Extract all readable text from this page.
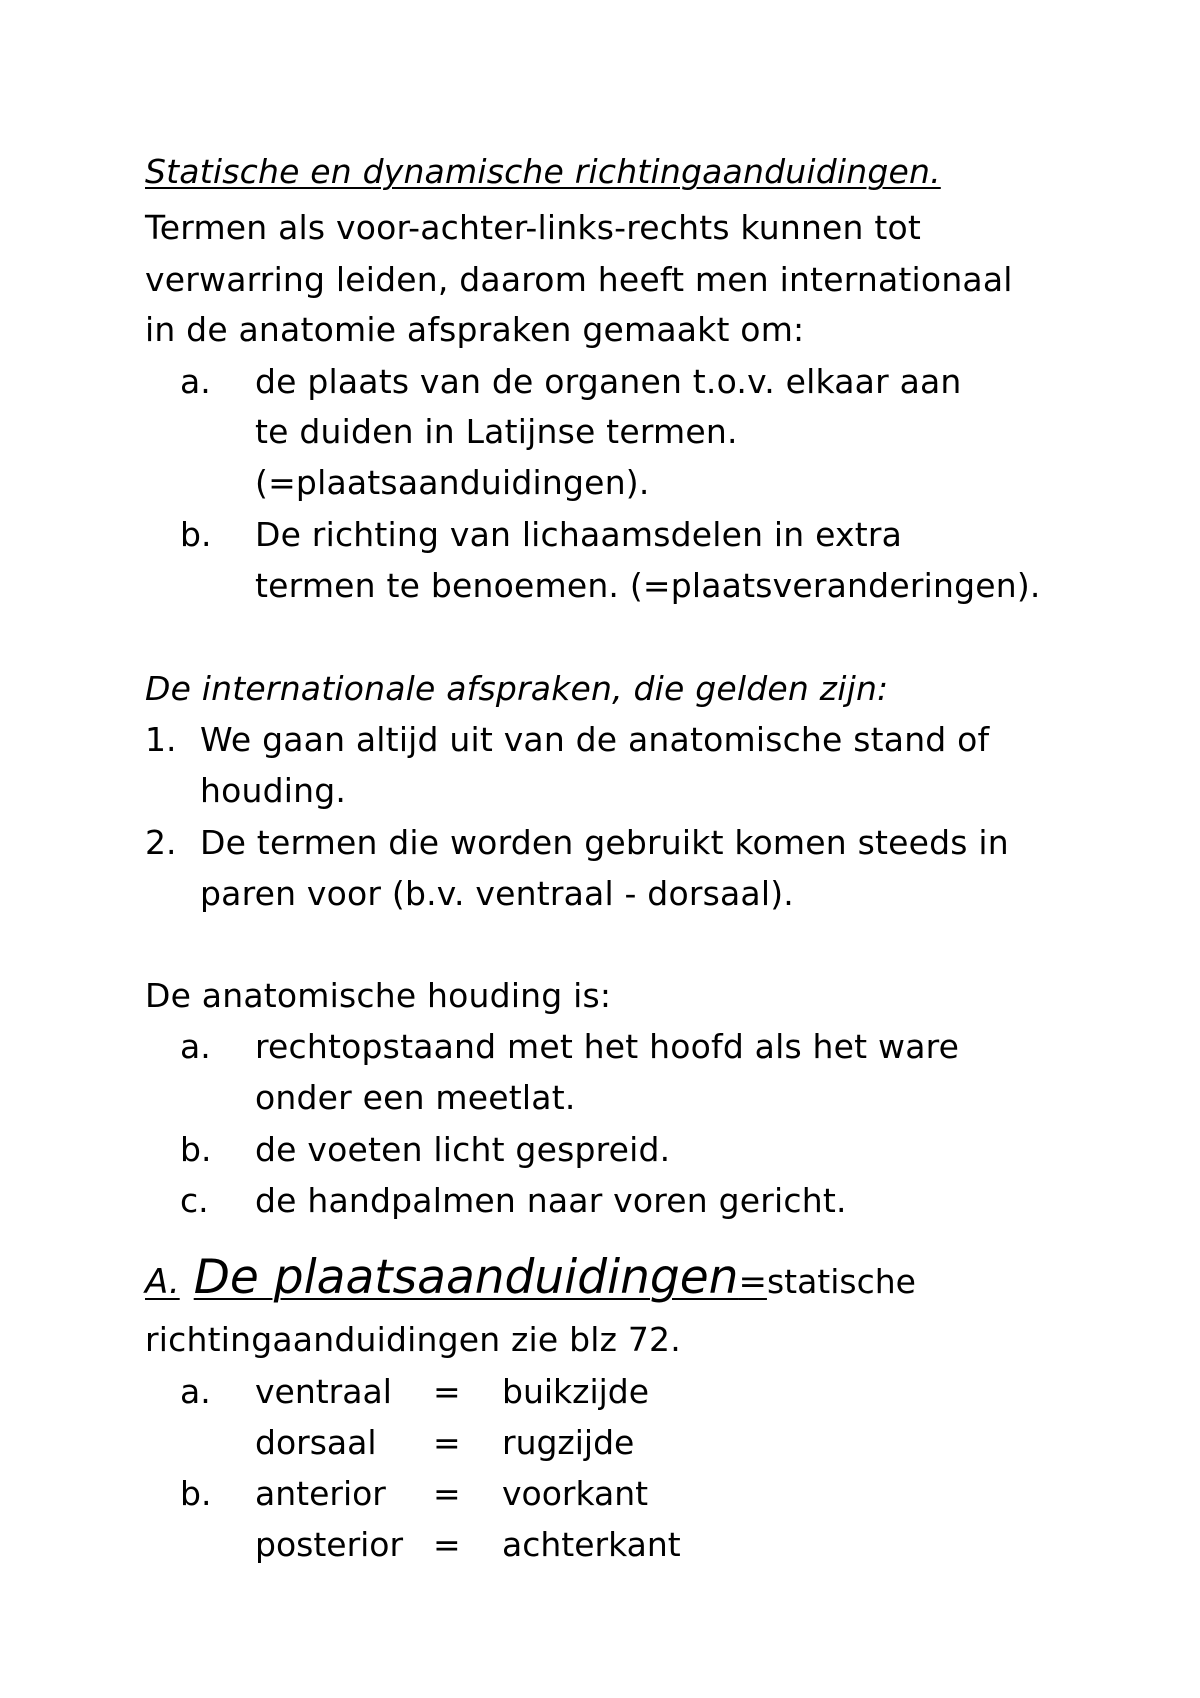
Statische en dynamische richtingaanduidingen.
Termen als voor-achter-links-rechts kunnen tot
verwarring leiden, daarom heeft men internationaal
in de anatomie afspraken gemaakt om:
a. de plaats van de organen t.o.v. elkaar aan
te duiden in Latijnse termen.
(=plaatsaanduidingen).
b. De richting van lichaamsdelen in extra
termen te benoemen. (=plaatsveranderingen).
De internationale afspraken, die gelden zijn:
1. We gaan altijd uit van de anatomische stand of
houding.
2. De termen die worden gebruikt komen steeds in
paren voor (b.v. ventraal - dorsaal).
De anatomische houding is:
a. rechtopstaand met het hoofd als het ware
onder een meetlat.
b. de voeten licht gespreid.
c. de handpalmen naar voren gericht.
A. De plaatsaanduidingen=statische
richtingaanduidingen zie blz 72.
a. ventraal = buikzijde
dorsaal = rugzijde
b. anterior = voorkant
posterior = achterkant
